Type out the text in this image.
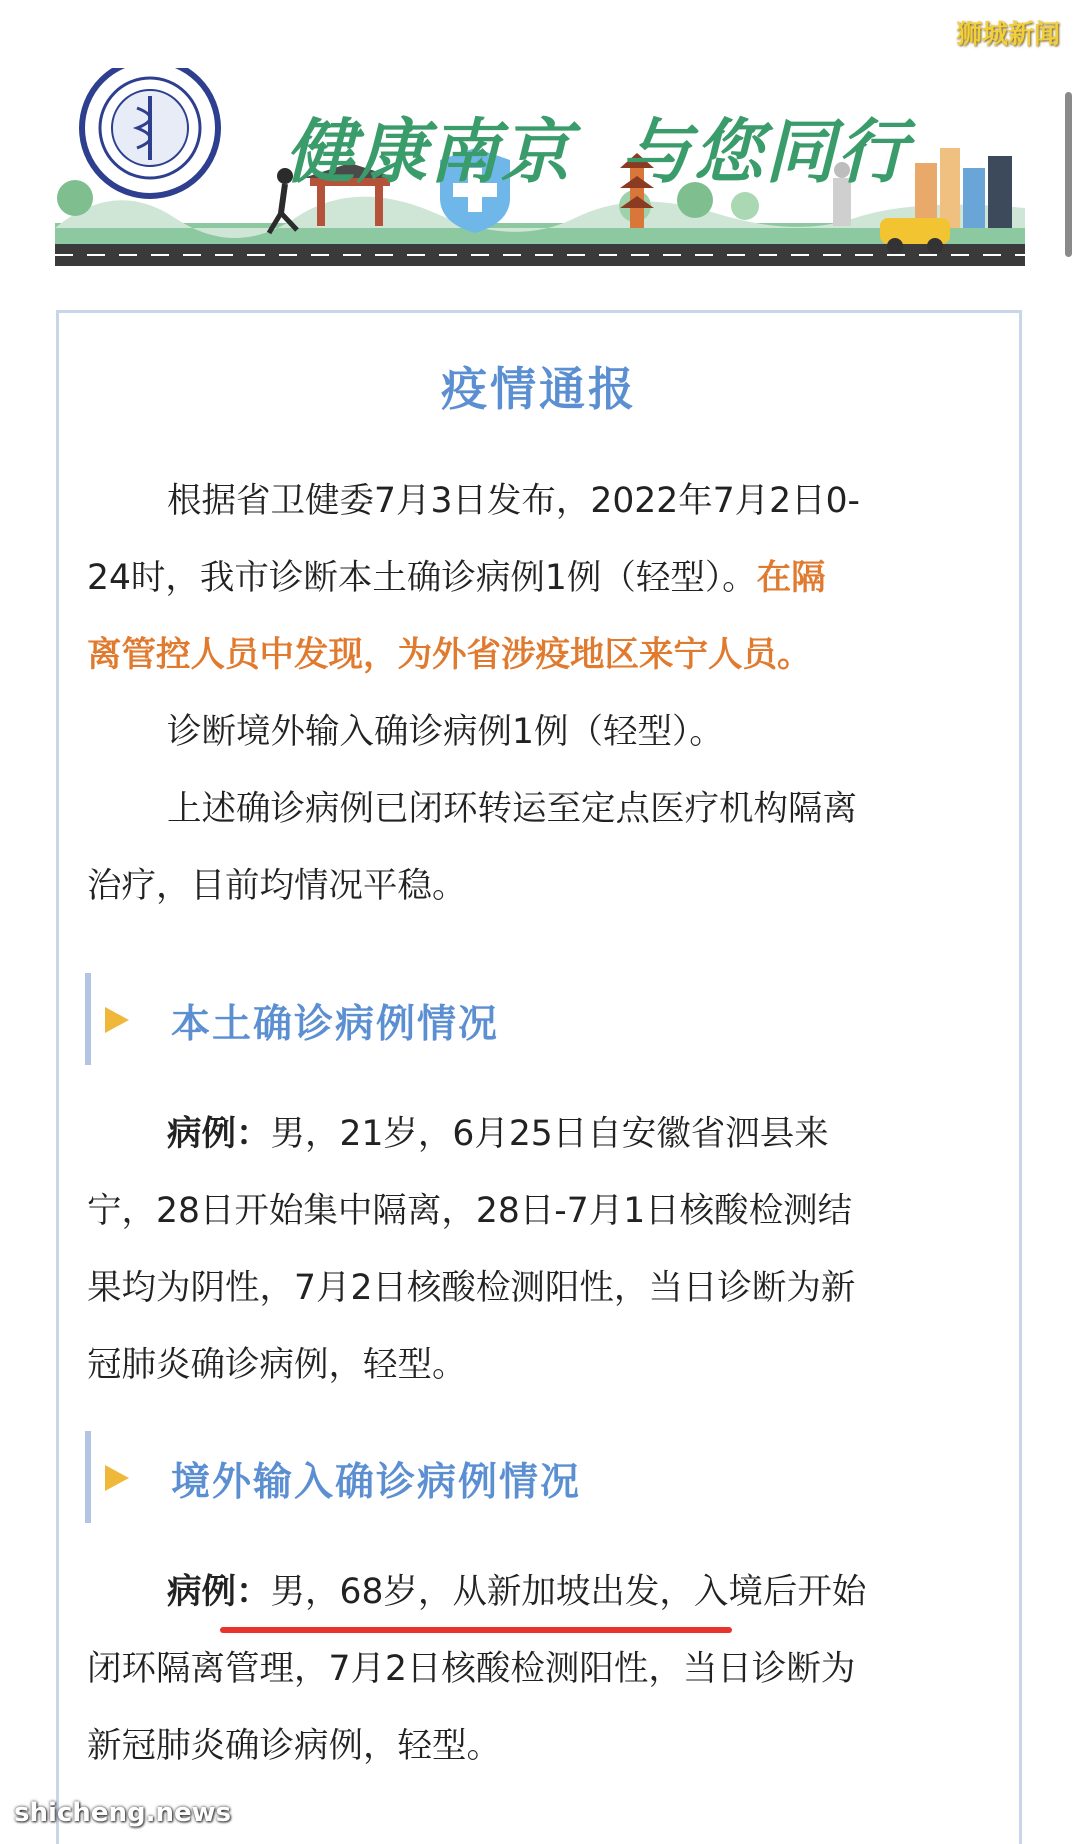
狮城新闻
健康南京 与您同行
疫情通报
根据省卫健委7月3日发布，2022年7月2日0-
24时，我市诊断本土确诊病例1例（轻型）。在隔
离管控人员中发现，为外省涉疫地区来宁人员。
诊断境外输入确诊病例1例（轻型）。
上述确诊病例已闭环转运至定点医疗机构隔离
治疗，目前均情况平稳。
本土确诊病例情况
病例：男，21岁，6月25日自安徽省泗县来
宁，28日开始集中隔离，28日-7月1日核酸检测结
果均为阴性，7月2日核酸检测阳性，当日诊断为新
冠肺炎确诊病例，轻型。
境外输入确诊病例情况
病例：男，68岁，从新加坡出发，入境后开始
闭环隔离管理，7月2日核酸检测阳性，当日诊断为
新冠肺炎确诊病例，轻型。
shicheng.news
